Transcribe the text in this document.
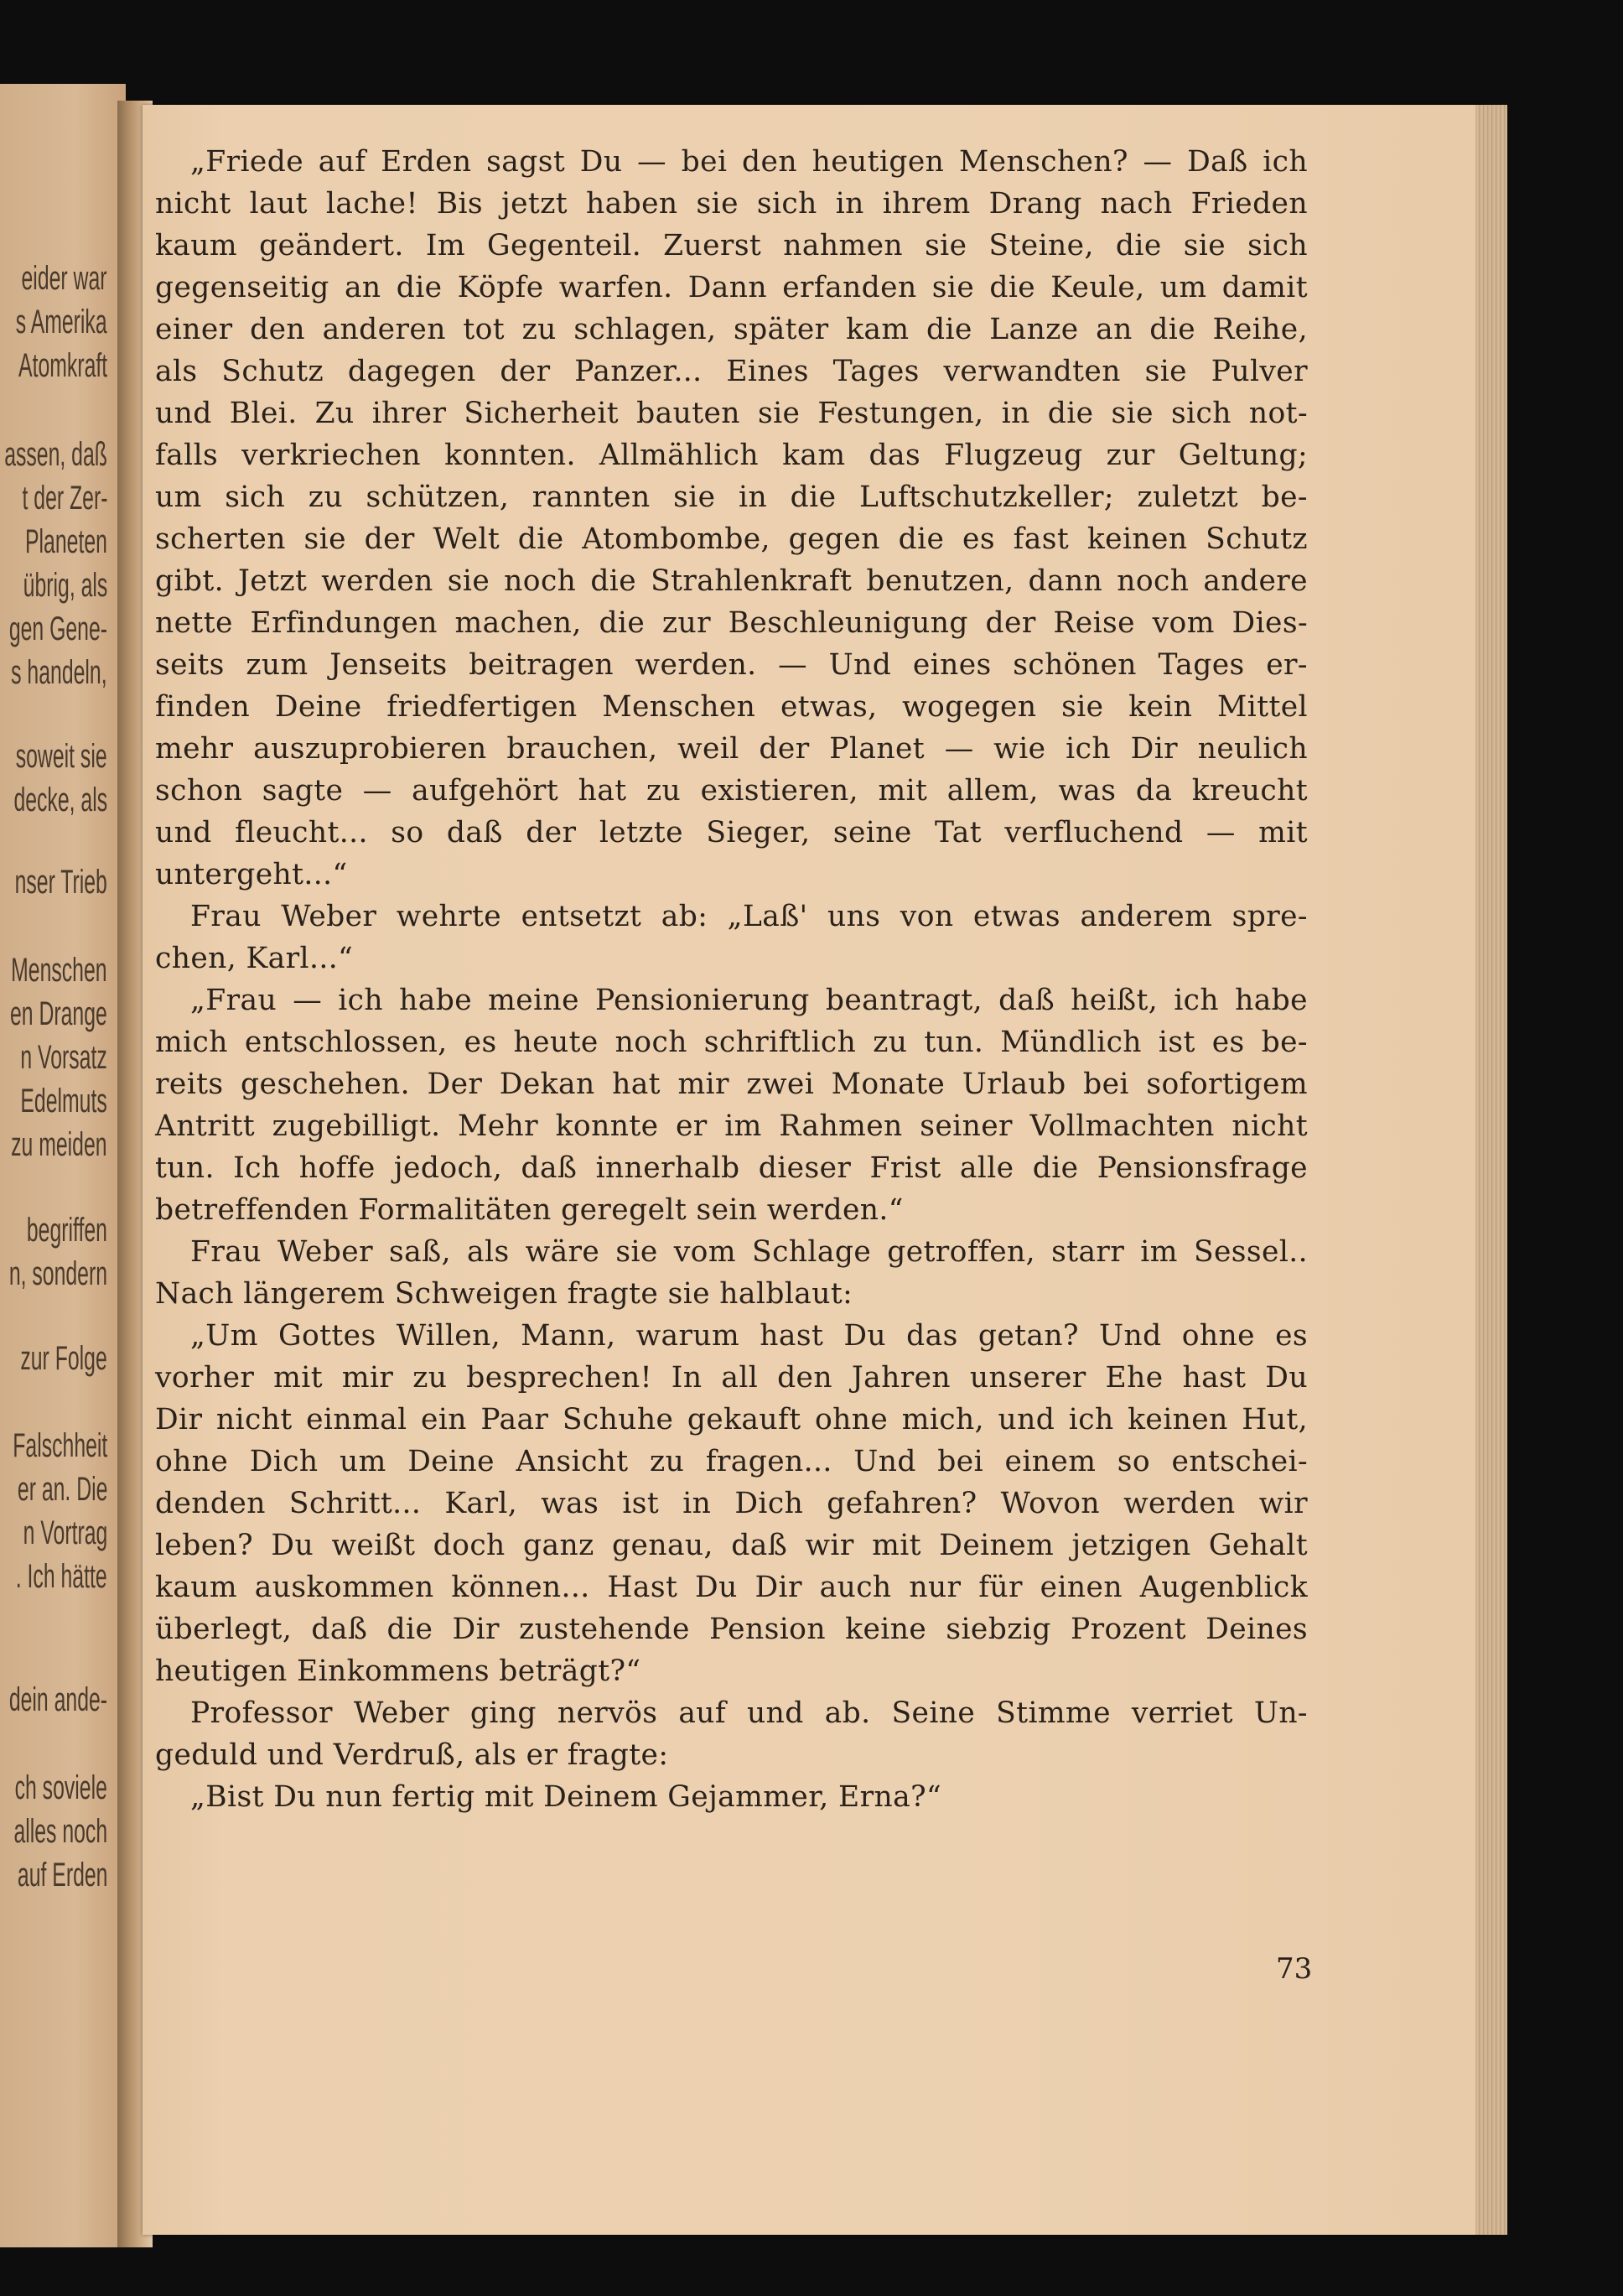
eider war
s Amerika
Atomkraft
assen, daß
t der Zer-
Planeten
übrig, als
gen Gene-
s handeln,
soweit sie
decke, als
nser Trieb
Menschen
en Drange
n Vorsatz
Edelmuts
zu meiden
begriffen
n, sondern
zur Folge
Falschheit
er an. Die
n Vortrag
. Ich hätte
dein ande-
ch soviele
alles noch
auf Erden
„Friede auf Erden sagst Du — bei den heutigen Menschen? — Daß ich
nicht laut lache! Bis jetzt haben sie sich in ihrem Drang nach Frieden
kaum geändert. Im Gegenteil. Zuerst nahmen sie Steine, die sie sich
gegenseitig an die Köpfe warfen. Dann erfanden sie die Keule, um damit
einer den anderen tot zu schlagen, später kam die Lanze an die Reihe,
als Schutz dagegen der Panzer... Eines Tages verwandten sie Pulver
und Blei. Zu ihrer Sicherheit bauten sie Festungen, in die sie sich not-
falls verkriechen konnten. Allmählich kam das Flugzeug zur Geltung;
um sich zu schützen, rannten sie in die Luftschutzkeller; zuletzt be-
scherten sie der Welt die Atombombe, gegen die es fast keinen Schutz
gibt. Jetzt werden sie noch die Strahlenkraft benutzen, dann noch andere
nette Erfindungen machen, die zur Beschleunigung der Reise vom Dies-
seits zum Jenseits beitragen werden. — Und eines schönen Tages er-
finden Deine friedfertigen Menschen etwas, wogegen sie kein Mittel
mehr auszuprobieren brauchen, weil der Planet — wie ich Dir neulich
schon sagte — aufgehört hat zu existieren, mit allem, was da kreucht
und fleucht... so daß der letzte Sieger, seine Tat verfluchend — mit
untergeht...“
Frau Weber wehrte entsetzt ab: „Laß' uns von etwas anderem spre-
chen, Karl...“
„Frau — ich habe meine Pensionierung beantragt, daß heißt, ich habe
mich entschlossen, es heute noch schriftlich zu tun. Mündlich ist es be-
reits geschehen. Der Dekan hat mir zwei Monate Urlaub bei sofortigem
Antritt zugebilligt. Mehr konnte er im Rahmen seiner Vollmachten nicht
tun. Ich hoffe jedoch, daß innerhalb dieser Frist alle die Pensionsfrage
betreffenden Formalitäten geregelt sein werden.“
Frau Weber saß, als wäre sie vom Schlage getroffen, starr im Sessel..
Nach längerem Schweigen fragte sie halblaut:
„Um Gottes Willen, Mann, warum hast Du das getan? Und ohne es
vorher mit mir zu besprechen! In all den Jahren unserer Ehe hast Du
Dir nicht einmal ein Paar Schuhe gekauft ohne mich, und ich keinen Hut,
ohne Dich um Deine Ansicht zu fragen... Und bei einem so entschei-
denden Schritt... Karl, was ist in Dich gefahren? Wovon werden wir
leben? Du weißt doch ganz genau, daß wir mit Deinem jetzigen Gehalt
kaum auskommen können... Hast Du Dir auch nur für einen Augenblick
überlegt, daß die Dir zustehende Pension keine siebzig Prozent Deines
heutigen Einkommens beträgt?“
Professor Weber ging nervös auf und ab. Seine Stimme verriet Un-
geduld und Verdruß, als er fragte:
„Bist Du nun fertig mit Deinem Gejammer, Erna?“
73
